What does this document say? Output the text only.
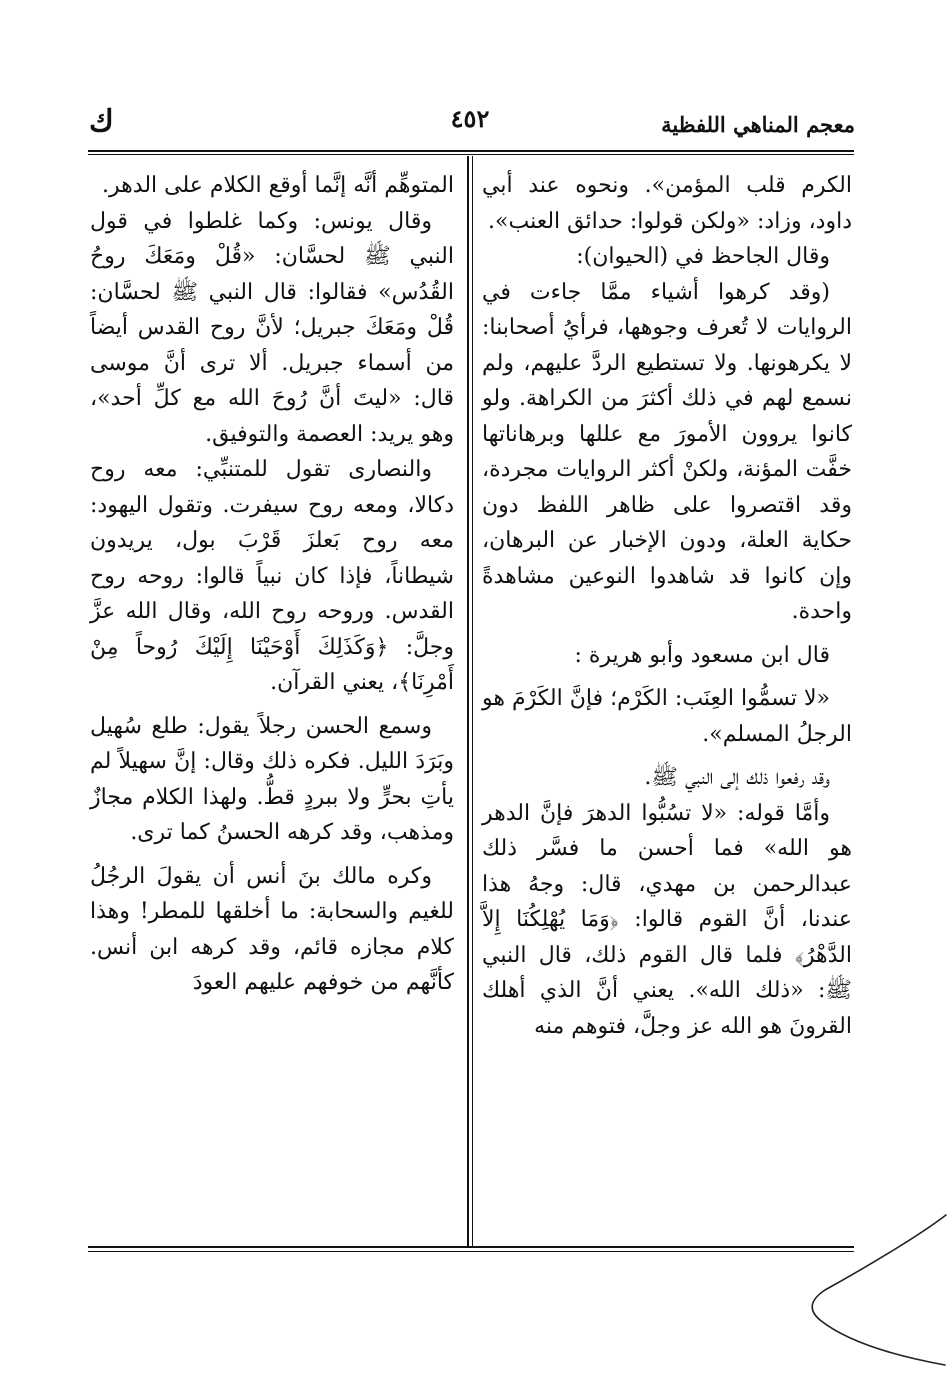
معجم المناهي اللفظية
٤٥٢
ك

الكرم قلب المؤمن». ونحوه عند أبي داود، وزاد: «ولكن قولوا: حدائق العنب».

وقال الجاحظ في (الحيوان):

(وقد كرهوا أشياء ممَّا جاءت في الروايات لا تُعرف وجوهها، فرأيُ أصحابنا: لا يكرهونها. ولا تستطيع الردَّ عليهم، ولم نسمع لهم في ذلك أكثرَ من الكراهة. ولو كانوا يروون الأمورَ مع عللها وبرهاناتها خفَّت المؤنة، ولكنْ أكثر الروايات مجردة، وقد اقتصروا على ظاهر اللفظ دون حكاية العلة، ودون الإخبار عن البرهان، وإن كانوا قد شاهدوا النوعين مشاهدةً واحدة.

قال ابن مسعود وأبو هريرة :

«لا تسمُّوا العِنَب: الكَرْم؛ فإنَّ الكَرْمَ هو الرجلُ المسلم».

وقد رفعوا ذلك إلى النبي ﷺ.

وأمَّا قوله: «لا تسُبُّوا الدهرَ فإنَّ الدهر هو الله» فما أحسن ما فسَّر ذلك عبدالرحمن بن مهدي، قال: وجهُ هذا عندنا، أنَّ القوم قالوا: ﴿وَمَا يُهْلِكُنَا إِلاَّ الدَّهْرُ﴾ فلما قال القوم ذلك، قال النبي ﷺ: «ذلك الله». يعني أنَّ الذي أهلك القرونَ هو الله عز وجلَّ، فتوهم منه

المتوهِّم أنَّه إنَّما أوقع الكلام على الدهر.

وقال يونس: وكما غلطوا في قول النبي ﷺ لحسَّان: «قُلْ ومَعَكَ روحُ القُدُس» فقالوا: قال النبي ﷺ لحسَّان: قُلْ ومَعَكَ جبريل؛ لأنَّ روح القدس أيضاً من أسماء جبريل. ألا ترى أنَّ موسى قال: «ليتَ أنَّ رُوحَ الله مع كلِّ أحد»، وهو يريد: العصمة والتوفيق.

والنصارى تقول للمتنبِّي: معه روح دكالا، ومعه روح سيفرت. وتقول اليهود: معه روح بَعلزَ قَرْبَ بول، يريدون شيطاناً، فإذا كان نبياً قالوا: روحه روح القدس. وروحه روح الله، وقال الله عزَّ وجلَّ: ﴿وَكَذَلِكَ أَوْحَيْنَا إِلَيْكَ رُوحاً مِنْ أَمْرِنَا﴾، يعني القرآن.

وسمع الحسن رجلاً يقول: طلع سُهيل وبَرَدَ الليل. فكره ذلك وقال: إنَّ سهيلاً لم يأتِ بحرٍّ ولا ببردٍ قطُّ. ولهذا الكلام مجازٌ ومذهب، وقد كرهه الحسنُ كما ترى.

وكره مالك بنَ أنس أن يقولَ الرجُلُ للغيم والسحابة: ما أخلقها للمطر! وهذا كلام مجازه قائم، وقد كرهه ابن أنس. كأنَّهم من خوفهم عليهم العودَ
